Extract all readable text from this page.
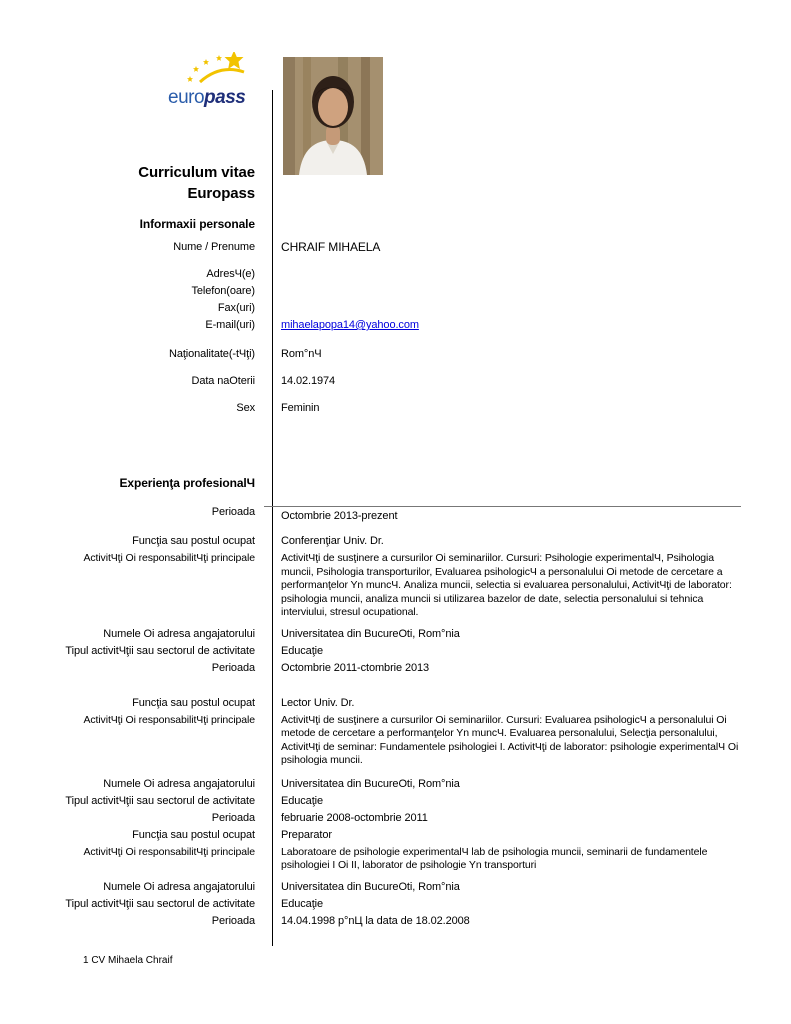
europass
Curriculum vitae
Europass
Informaxii personale
Nume / Prenume	CHRAIF MIHAELA
AdresЧ(e)
Telefon(oare)
Fax(uri)
E-mail(uri)	mihaelapopa14@yahoo.com
Naţionalitate(-tЧţi)	Rom°nЧ
Data naOterii	14.02.1974
Sex	Feminin
Experienţa profesionalЧ
Perioada	Octombrie 2013-prezent
Funcţia sau postul ocupat	Conferenţiar Univ. Dr.
ActivitЧţi Oi responsabilitЧţi principale	ActivitЧţi de susţinere a cursurilor Oi seminariilor. Cursuri: Psihologie experimentalЧ, Psihologia muncii, Psihologia transporturilor, Evaluarea psihologicЧ a personalului Oi metode de cercetare a performanţelor Yn muncЧ. Analiza muncii, selectia si evaluarea personalului, ActivitЧţi de laborator: psihologia muncii, analiza muncii si utilizarea bazelor de date, selectia personalului si tehnica interviului, stresul ocupational.
Numele Oi adresa angajatorului	Universitatea din BucureOti, Rom°nia
Tipul activitЧţii sau sectorul de activitate	Educaţie
Perioada	Octombrie 2011-ctombrie 2013
Funcţia sau postul ocupat	Lector Univ. Dr.
ActivitЧţi Oi responsabilitЧţi principale	ActivitЧţi de susţinere a cursurilor Oi seminariilor. Cursuri: Evaluarea psihologicЧ a personalului Oi metode de cercetare a performanţelor Yn muncЧ. Evaluarea personalului, Selecţia personalului, ActivitЧţi de seminar: Fundamentele psihologiei I. ActivitЧţi de laborator: psihologie experimentalЧ Oi psihologia muncii.
Numele Oi adresa angajatorului	Universitatea din BucureOti, Rom°nia
Tipul activitЧţii sau sectorul de activitate	Educaţie
Perioada	februarie 2008-octombrie 2011
Funcţia sau postul ocupat	Preparator
ActivitЧţi Oi responsabilitЧţi principale	Laboratoare de psihologie experimentalЧ lab de psihologia muncii, seminarii de fundamentele psihologiei I Oi II, laborator de psihologie Yn transporturi
Numele Oi adresa angajatorului	Universitatea din BucureOti, Rom°nia
Tipul activitЧţii sau sectorul de activitate	Educaţie
Perioada	14.04.1998 p°nЦ la data de 18.02.2008
1 CV Mihaela Chraif
